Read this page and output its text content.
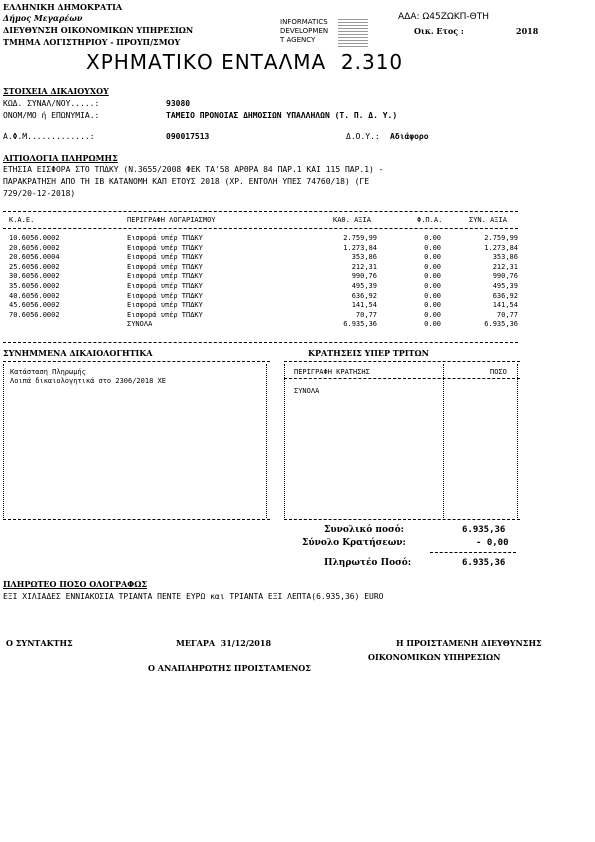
ΕΛΛΗΝΙΚΗ ΔΗΜΟΚΡΑΤΙΑ
Δήμος Μεγαρέων
ΔΙΕΥΘΥΝΣΗ ΟΙΚΟΝΟΜΙΚΩΝ ΥΠΗΡΕΣΙΩΝ
ΤΜΗΜΑ ΛΟΓΙΣΤΗΡΙΟΥ - ΠΡΟΥΠ/ΣΜΟΥ
INFORMATICS
DEVELOPMEN
T AGENCY
ΑΔΑ: Ω45ΖΩΚΠ-ΘΤΗ
Οικ. Ετος :	2018
ΧΡΗΜΑΤΙΚΟ ΕΝΤΑΛΜΑ  2.310
ΣΤΟΙΧΕΙΑ ΔΙΚΑΙΟΥΧΟΥ
ΚΩΔ. ΣΥΝΑΛ/ΝΟΥ.....:	93080
ΟΝΟΜ/ΜΟ ή ΕΠΩΝΥΜΙΑ.:	ΤΑΜΕΙΟ ΠΡΟΝΟΙΑΣ ΔΗΜΟΣΙΩΝ ΥΠΑΛΛΗΛΩΝ (Τ. Π. Δ. Υ.)
Α.Φ.Μ.............:	090017513	Δ.Ο.Υ.: Αδιάφορο
ΑΙΤΙΟΛΟΓΙΑ ΠΛΗΡΩΜΗΣ
ΕΤΗΣΙΑ ΕΙΣΦΟΡΑ ΣΤΟ ΤΠΔΚΥ (Ν.3655/2008 ΦΕΚ ΤΑ'58 ΑΡΘΡΑ 84 ΠΑΡ.1 ΚΑΙ 115 ΠΑΡ.1) -
ΠΑΡΑΚΡΑΤΗΣΗ ΑΠΟ ΤΗ ΙΒ ΚΑΤΑΝΟΜΗ ΚΑΠ ΕΤΟΥΣ 2018 (ΧΡ. ΕΝΤΟΛΗ ΥΠΕΣ 74760/18) (ΓΕ
729/20-12-2018)
Κ.Α.Ε.	ΠΕΡΙΓΡΑΦΗ ΛΟΓΑΡΙΑΣΜΟΥ	ΚΑΘ. ΑΞΙΑ	Φ.Π.Α.	ΣΥΝ. ΑΞΙΑ
10.6056.0002	Εισφορά υπέρ ΤΠΔΚΥ	2.759,99	0.00	2.759,99
20.6056.0002	Εισφορά υπέρ ΤΠΔΚΥ	1.273,84	0.00	1.273,84
20.6056.0004	Εισφορά υπέρ ΤΠΔΚΥ	353,86	0.00	353,86
25.6056.0002	Εισφορά υπέρ ΤΠΔΚΥ	212,31	0.00	212,31
30.6056.0002	Εισφορά υπέρ ΤΠΔΚΥ	990,76	0.00	990,76
35.6056.0002	Εισφορά υπέρ ΤΠΔΚΥ	495,39	0.00	495,39
40.6056.0002	Εισφορά υπέρ ΤΠΔΚΥ	636,92	0.00	636,92
45.6056.0002	Εισφορά υπέρ ΤΠΔΚΥ	141,54	0.00	141,54
70.6056.0002	Εισφορά υπέρ ΤΠΔΚΥ	70,77	0.00	70,77
ΣΥΝΟΛΑ	6.935,36	0.00	6.935,36
ΣΥΝΗΜΜΕΝΑ ΔΙΚΑΙΟΛΟΓΗΤΙΚΑ	ΚΡΑΤΗΣΕΙΣ ΥΠΕΡ ΤΡΙΤΩΝ
Κατάσταση Πληρωμής
Λοιπά δικαιολογητικά στο 2306/2018 ΧΕ
ΠΕΡΙΓΡΑΦΗ ΚΡΑΤΗΣΗΣ	ΠΟΣΟ
ΣΥΝΟΛΑ
Συνολικό ποσό:	6.935,36
Σύνολο Κρατήσεων:	- 0,00
Πληρωτέο Ποσό:	6.935,36
ΠΛΗΡΩΤΕΟ ΠΟΣΟ ΟΛΟΓΡΑΦΩΣ
ΕΞΙ ΧΙΛΙΑΔΕΣ ΕΝΝΙΑΚΟΣΙΑ ΤΡΙΑΝΤΑ ΠΕΝΤΕ ΕΥΡΩ και ΤΡΙΑΝΤΑ ΕΞΙ ΛΕΠΤΑ(6.935,36) EURO
Ο ΣΥΝΤΑΚΤΗΣ	ΜΕΓΑΡΑ  31/12/2018	Η ΠΡΟΙΣΤΑΜΕΝΗ ΔΙΕΥΘΥΝΣΗΣ
ΟΙΚΟΝΟΜΙΚΩΝ ΥΠΗΡΕΣΙΩΝ
Ο ΑΝΑΠΛΗΡΩΤΗΣ ΠΡΟΙΣΤΑΜΕΝΟΣ
